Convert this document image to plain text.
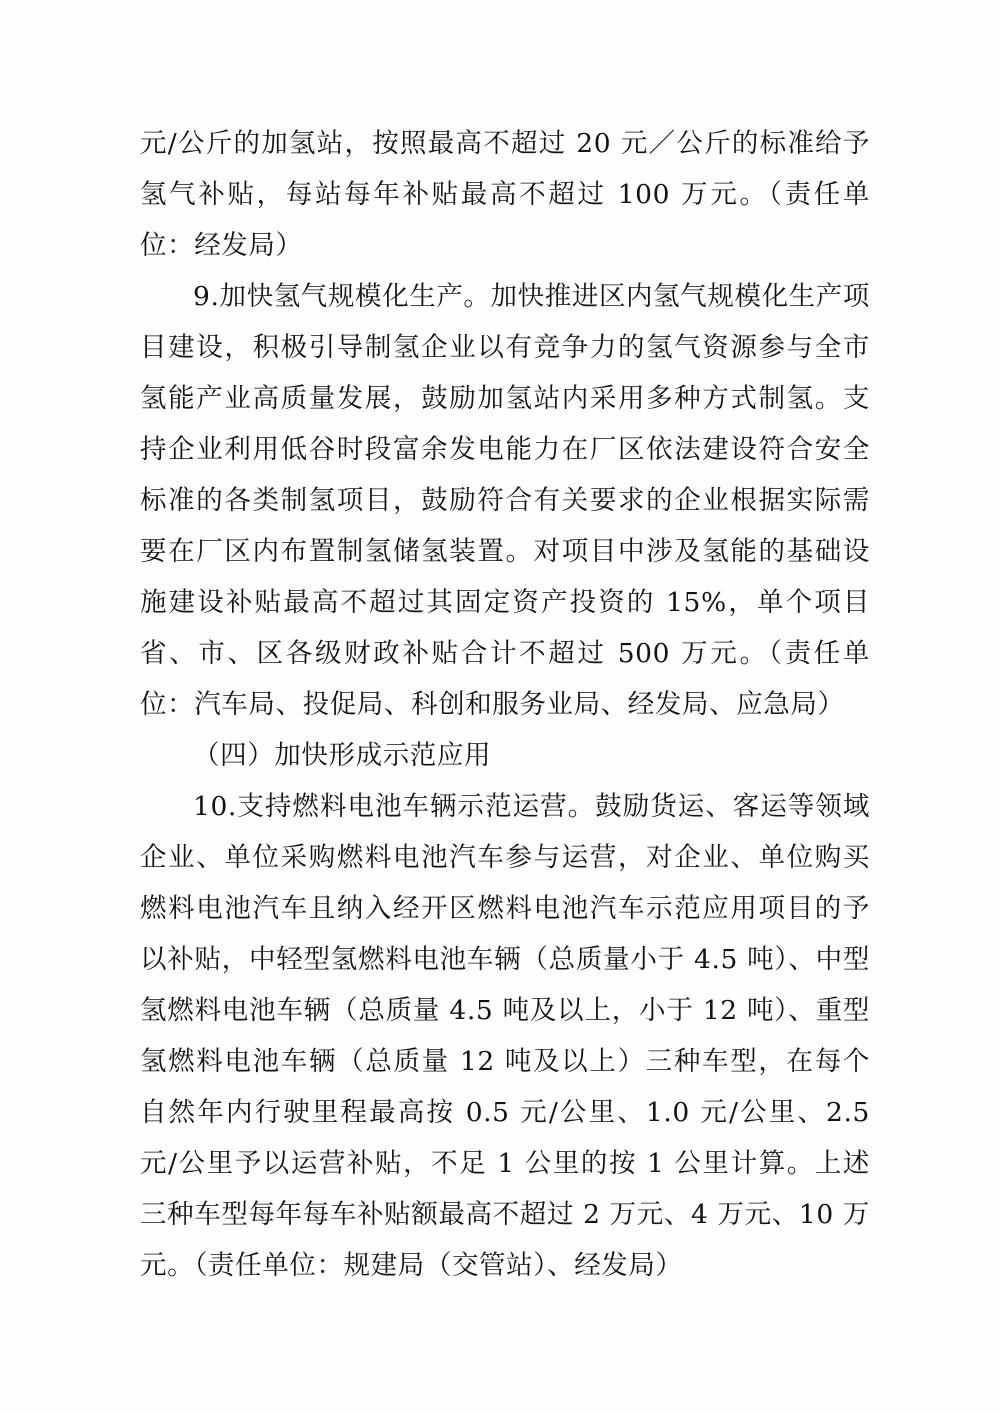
元/公斤的加氢站，按照最高不超过 20 元／公斤的标准给予氢气补贴，每站每年补贴最高不超过 100 万元。（责任单位：经发局）

9.加快氢气规模化生产。加快推进区内氢气规模化生产项目建设，积极引导制氢企业以有竞争力的氢气资源参与全市氢能产业高质量发展，鼓励加氢站内采用多种方式制氢。支持企业利用低谷时段富余发电能力在厂区依法建设符合安全标准的各类制氢项目，鼓励符合有关要求的企业根据实际需要在厂区内布置制氢储氢装置。对项目中涉及氢能的基础设施建设补贴最高不超过其固定资产投资的 15%，单个项目省、市、区各级财政补贴合计不超过 500 万元。（责任单位：汽车局、投促局、科创和服务业局、经发局、应急局）

（四）加快形成示范应用

10.支持燃料电池车辆示范运营。鼓励货运、客运等领域企业、单位采购燃料电池汽车参与运营，对企业、单位购买燃料电池汽车且纳入经开区燃料电池汽车示范应用项目的予以补贴，中轻型氢燃料电池车辆（总质量小于 4.5 吨）、中型氢燃料电池车辆（总质量 4.5 吨及以上，小于 12 吨）、重型氢燃料电池车辆（总质量 12 吨及以上）三种车型，在每个自然年内行驶里程最高按 0.5 元/公里、1.0 元/公里、2.5 元/公里予以运营补贴，不足 1 公里的按 1 公里计算。上述三种车型每年每车补贴额最高不超过 2 万元、4 万元、10 万元。（责任单位：规建局（交管站）、经发局）
